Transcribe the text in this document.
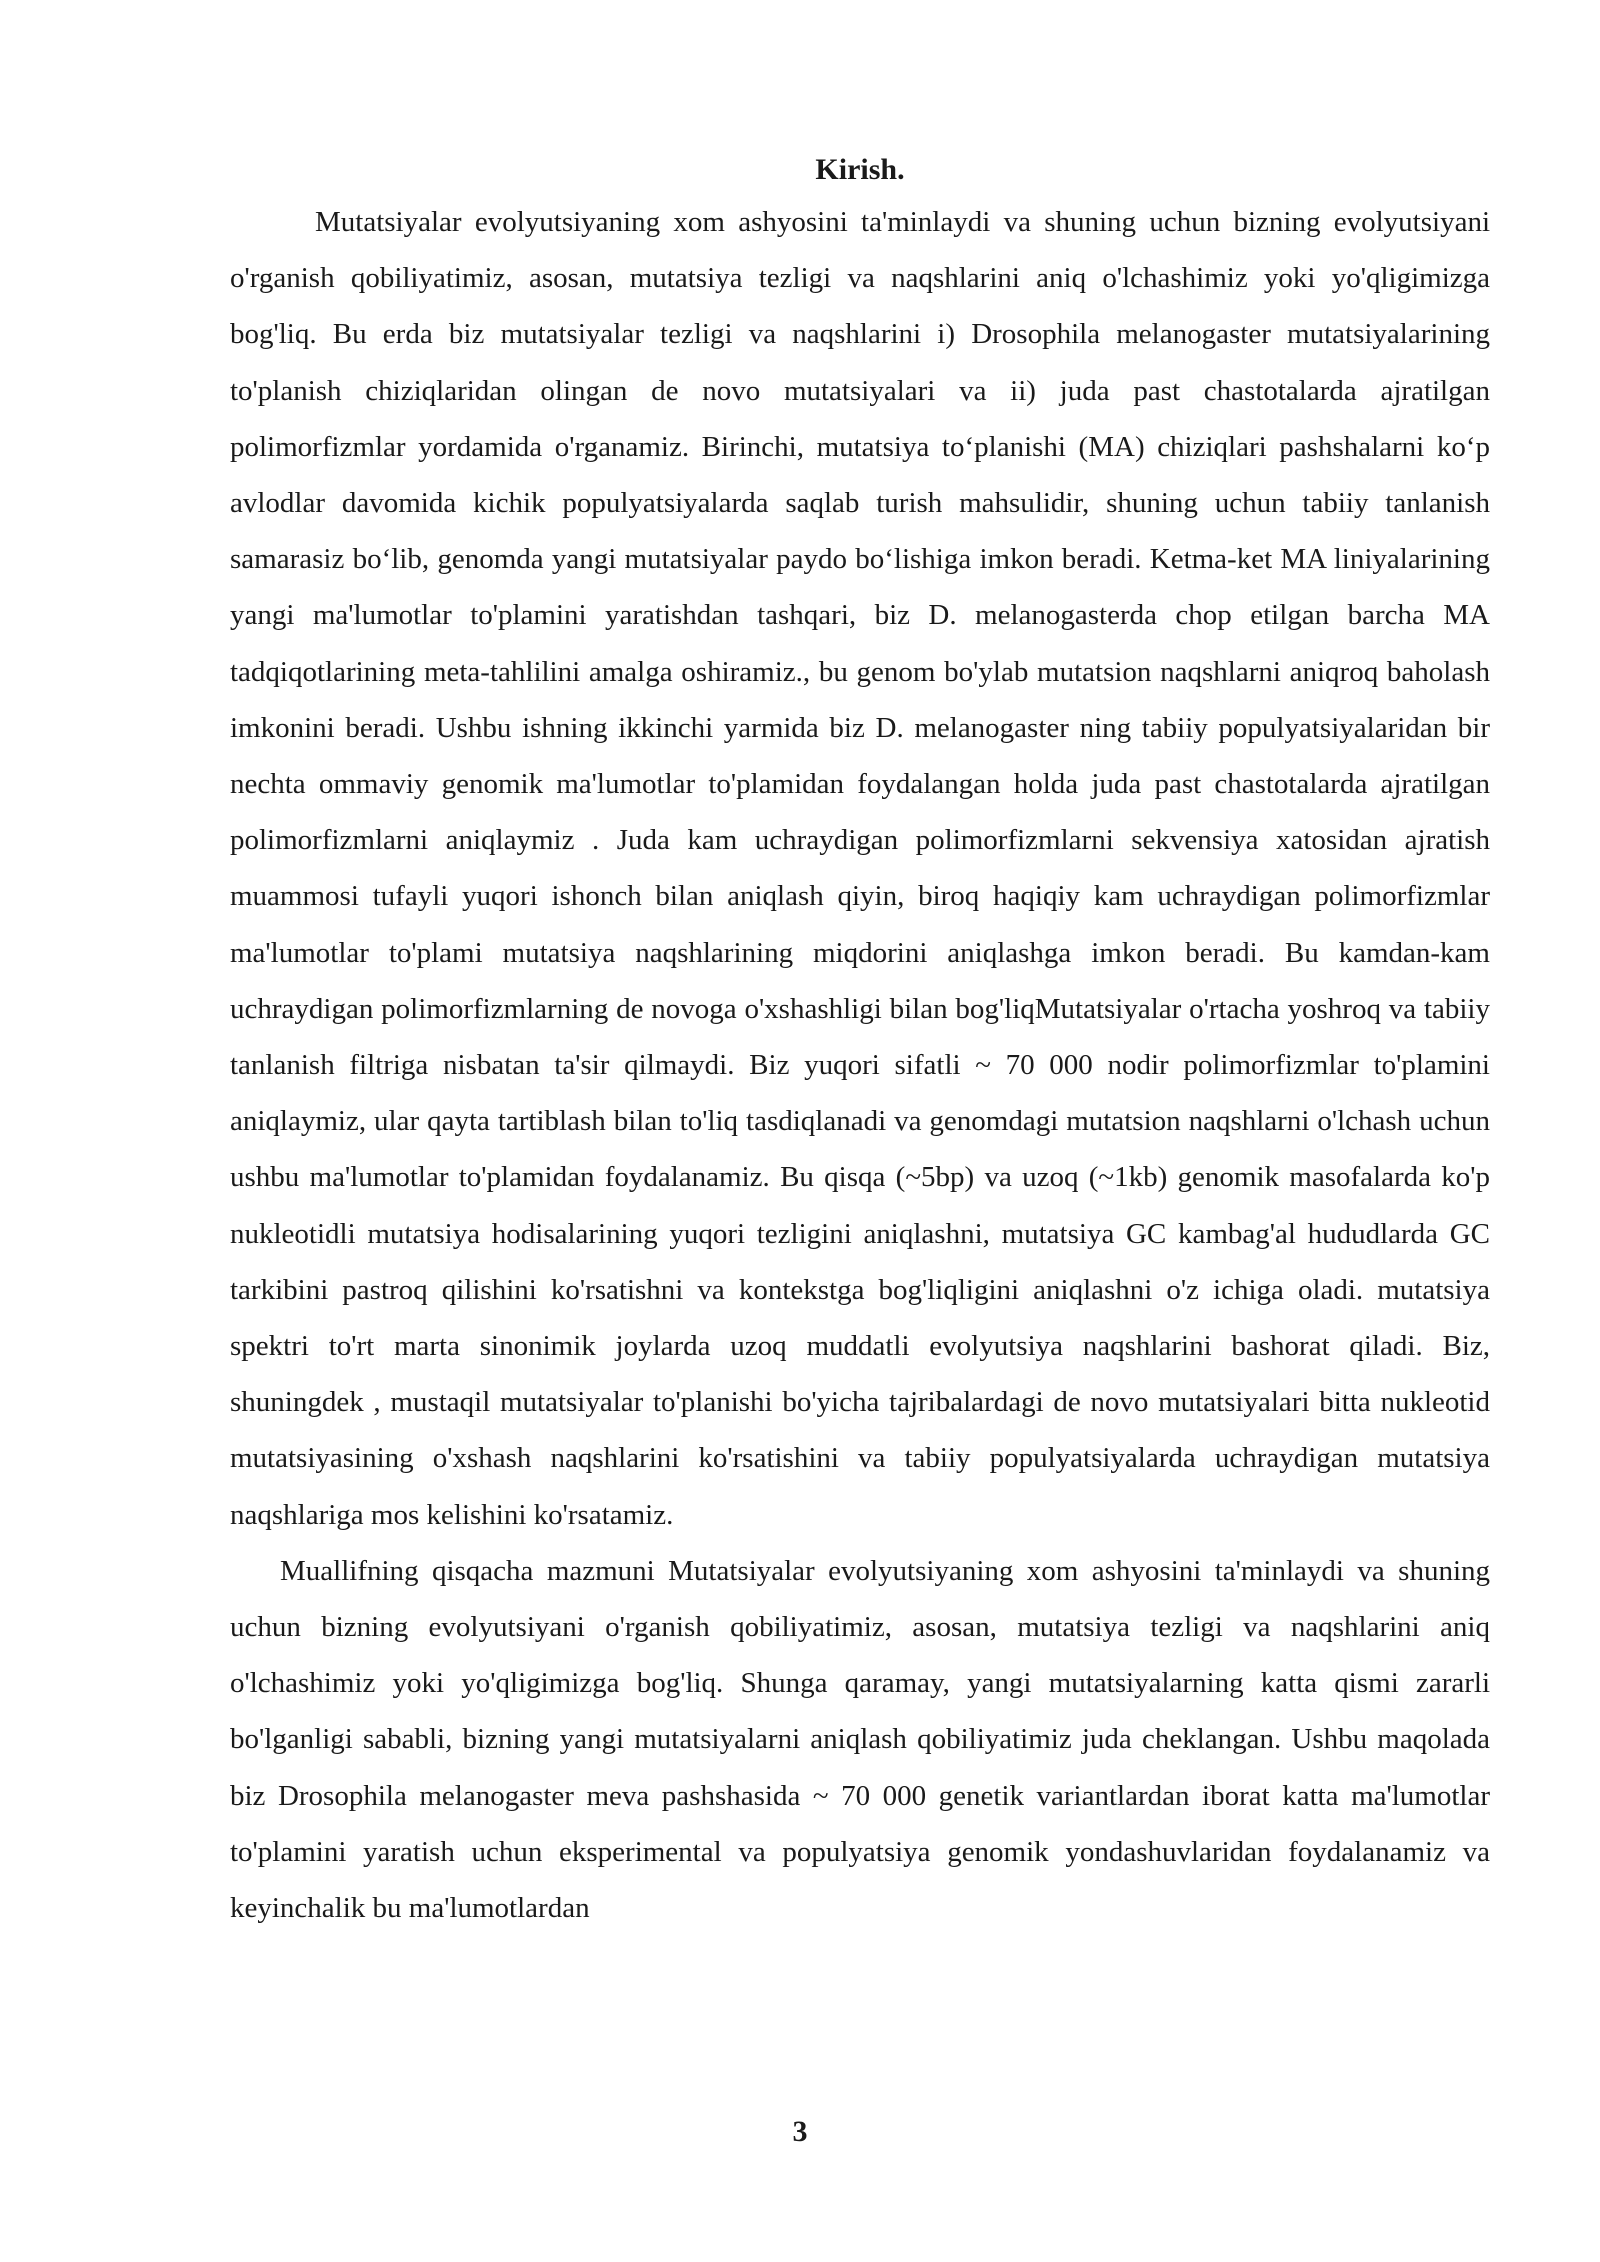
Kirish.

Mutatsiyalar evolyutsiyaning xom ashyosini ta'minlaydi va shuning uchun bizning evolyutsiyani o'rganish qobiliyatimiz, asosan, mutatsiya tezligi va naqshlarini aniq o'lchashimiz yoki yo'qligimizga bog'liq. Bu erda biz mutatsiyalar tezligi va naqshlarini i) Drosophila melanogaster mutatsiyalarining to'planish chiziqlaridan olingan de novo mutatsiyalari va ii) juda past chastotalarda ajratilgan polimorfizmlar yordamida o'rganamiz. Birinchi, mutatsiya to‘planishi (MA) chiziqlari pashshalarni ko‘p avlodlar davomida kichik populyatsiyalarda saqlab turish mahsulidir, shuning uchun tabiiy tanlanish samarasiz bo‘lib, genomda yangi mutatsiyalar paydo bo‘lishiga imkon beradi. Ketma-ket MA liniyalarining yangi ma'lumotlar to'plamini yaratishdan tashqari, biz D. melanogasterda chop etilgan barcha MA tadqiqotlarining meta-tahlilini amalga oshiramiz., bu genom bo'ylab mutatsion naqshlarni aniqroq baholash imkonini beradi. Ushbu ishning ikkinchi yarmida biz D. melanogaster ning tabiiy populyatsiyalaridan bir nechta ommaviy genomik ma'lumotlar to'plamidan foydalangan holda juda past chastotalarda ajratilgan polimorfizmlarni aniqlaymiz . Juda kam uchraydigan polimorfizmlarni sekvensiya xatosidan ajratish muammosi tufayli yuqori ishonch bilan aniqlash qiyin, biroq haqiqiy kam uchraydigan polimorfizmlar ma'lumotlar to'plami mutatsiya naqshlarining miqdorini aniqlashga imkon beradi. Bu kamdan-kam uchraydigan polimorfizmlarning de novoga o'xshashligi bilan bog'liqMutatsiyalar o'rtacha yoshroq va tabiiy tanlanish filtriga nisbatan ta'sir qilmaydi. Biz yuqori sifatli ~ 70 000 nodir polimorfizmlar to'plamini aniqlaymiz, ular qayta tartiblash bilan to'liq tasdiqlanadi va genomdagi mutatsion naqshlarni o'lchash uchun ushbu ma'lumotlar to'plamidan foydalanamiz. Bu qisqa (~5bp) va uzoq (~1kb) genomik masofalarda ko'p nukleotidli mutatsiya hodisalarining yuqori tezligini aniqlashni, mutatsiya GC kambag'al hududlarda GC tarkibini pastroq qilishini ko'rsatishni va kontekstga bog'liqligini aniqlashni o'z ichiga oladi. mutatsiya spektri to'rt marta sinonimik joylarda uzoq muddatli evolyutsiya naqshlarini bashorat qiladi. Biz, shuningdek , mustaqil mutatsiyalar to'planishi bo'yicha tajribalardagi de novo mutatsiyalari bitta nukleotid mutatsiyasining o'xshash naqshlarini ko'rsatishini va tabiiy populyatsiyalarda uchraydigan mutatsiya naqshlariga mos kelishini ko'rsatamiz.

Muallifning qisqacha mazmuni Mutatsiyalar evolyutsiyaning xom ashyosini ta'minlaydi va shuning uchun bizning evolyutsiyani o'rganish qobiliyatimiz, asosan, mutatsiya tezligi va naqshlarini aniq o'lchashimiz yoki yo'qligimizga bog'liq. Shunga qaramay, yangi mutatsiyalarning katta qismi zararli bo'lganligi sababli, bizning yangi mutatsiyalarni aniqlash qobiliyatimiz juda cheklangan. Ushbu maqolada biz Drosophila melanogaster meva pashshasida ~ 70 000 genetik variantlardan iborat katta ma'lumotlar to'plamini yaratish uchun eksperimental va populyatsiya genomik yondashuvlaridan foydalanamiz va keyinchalik bu ma'lumotlardan

3
